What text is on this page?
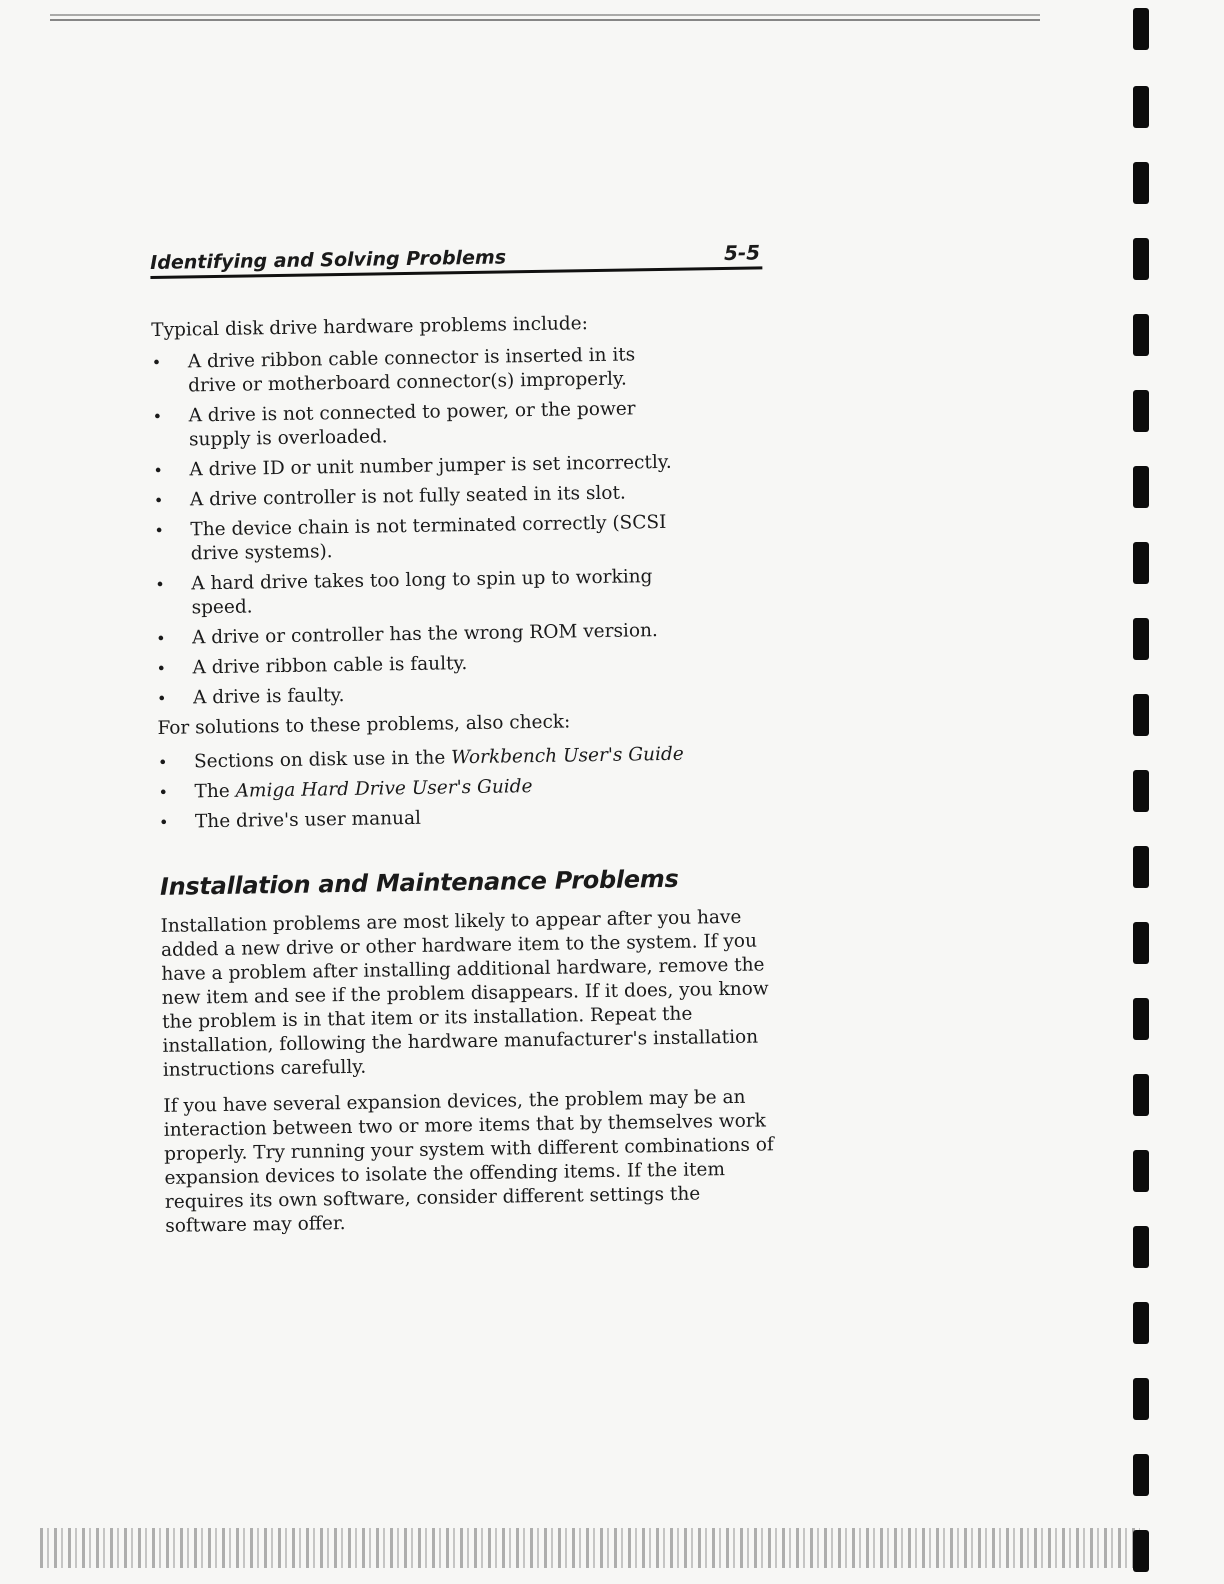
Identifying and Solving Problems	5-5

Typical disk drive hardware problems include:

• A drive ribbon cable connector is inserted in its drive or motherboard connector(s) improperly.
• A drive is not connected to power, or the power supply is overloaded.
• A drive ID or unit number jumper is set incorrectly.
• A drive controller is not fully seated in its slot.
• The device chain is not terminated correctly (SCSI drive systems).
• A hard drive takes too long to spin up to working speed.
• A drive or controller has the wrong ROM version.
• A drive ribbon cable is faulty.
• A drive is faulty.

For solutions to these problems, also check:

• Sections on disk use in the Workbench User's Guide
• The Amiga Hard Drive User's Guide
• The drive's user manual
Installation and Maintenance Problems

Installation problems are most likely to appear after you have added a new drive or other hardware item to the system. If you have a problem after installing additional hardware, remove the new item and see if the problem disappears. If it does, you know the problem is in that item or its installation. Repeat the installation, following the hardware manufacturer's installation instructions carefully.

If you have several expansion devices, the problem may be an interaction between two or more items that by themselves work properly. Try running your system with different combinations of expansion devices to isolate the offending items. If the item requires its own software, consider different settings the software may offer.
